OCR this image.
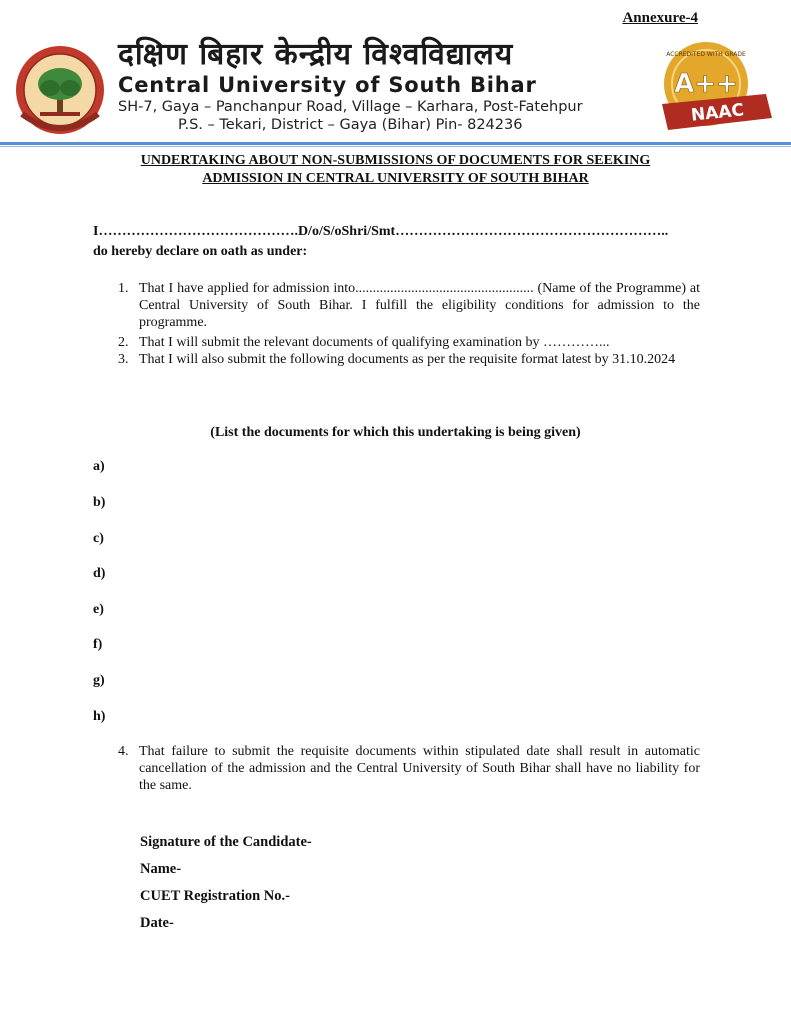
Annexure-4
दक्षिण बिहार केन्द्रीय विश्वविद्यालय
Central University of South Bihar
SH-7, Gaya – Panchanpur Road, Village – Karhara, Post-Fatehpur
P.S. – Tekari, District – Gaya (Bihar) Pin- 824236
ACCREDITED WITH GRADE
A++
NAAC
UNDERTAKING ABOUT NON-SUBMISSIONS OF DOCUMENTS FOR SEEKING
ADMISSION IN CENTRAL UNIVERSITY OF SOUTH BIHAR
I…………………………………….D/o/S/oShri/Smt…………………………………………………..
do hereby declare on oath as under:
1. That I have applied for admission into................................................... (Name of the Programme) at Central University of South Bihar. I fulfill the eligibility conditions for admission to the programme.
2. That I will submit the relevant documents of qualifying examination by …………...
3. That I will also submit the following documents as per the requisite format latest by 31.10.2024
(List the documents for which this undertaking is being given)
a)
b)
c)
d)
e)
f)
g)
h)
4. That failure to submit the requisite documents within stipulated date shall result in automatic cancellation of the admission and the Central University of South Bihar shall have no liability for the same.
Signature of the Candidate-
Name-
CUET Registration No.-
Date-
